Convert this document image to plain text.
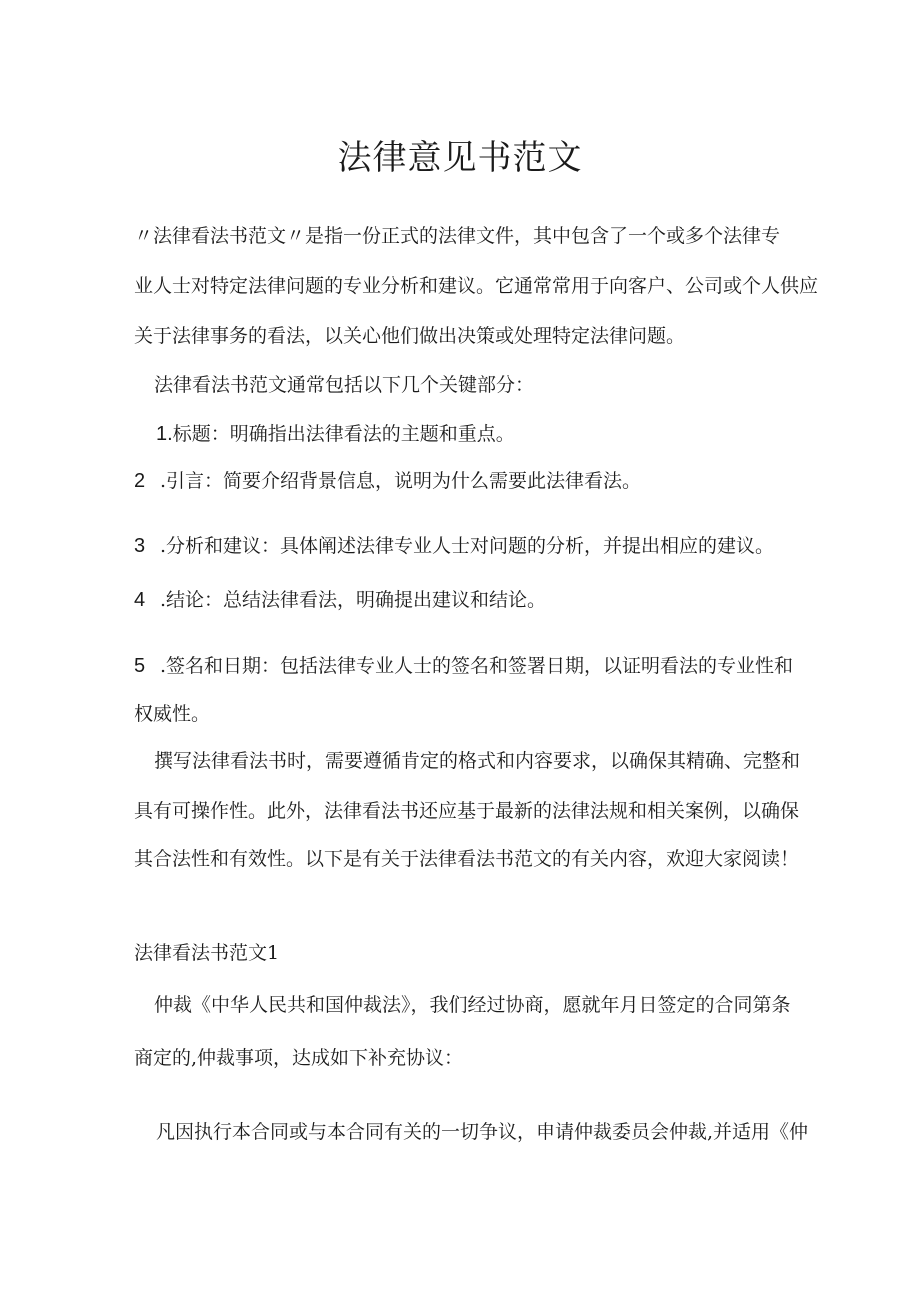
法律意见书范文
〃法律看法书范文〃是指一份正式的法律文件，其中包含了一个或多个法律专
业人士对特定法律问题的专业分析和建议。它通常常用于向客户、公司或个人供应
关于法律事务的看法，以关心他们做出决策或处理特定法律问题。
法律看法书范文通常包括以下几个关键部分：
1.标题：明确指出法律看法的主题和重点。
2 .引言：简要介绍背景信息，说明为什么需要此法律看法。
3 .分析和建议：具体阐述法律专业人士对问题的分析，并提出相应的建议。
4 .结论：总结法律看法，明确提出建议和结论。
5 .签名和日期：包括法律专业人士的签名和签署日期，以证明看法的专业性和
权威性。
撰写法律看法书时，需要遵循肯定的格式和内容要求，以确保其精确、完整和
具有可操作性。此外，法律看法书还应基于最新的法律法规和相关案例，以确保
其合法性和有效性。以下是有关于法律看法书范文的有关内容，欢迎大家阅读！
法律看法书范文1
仲裁《中华人民共和国仲裁法》，我们经过协商，愿就年月日签定的合同第条
商定的,仲裁事项，达成如下补充协议：
凡因执行本合同或与本合同有关的一切争议，申请仲裁委员会仲裁,并适用《仲
